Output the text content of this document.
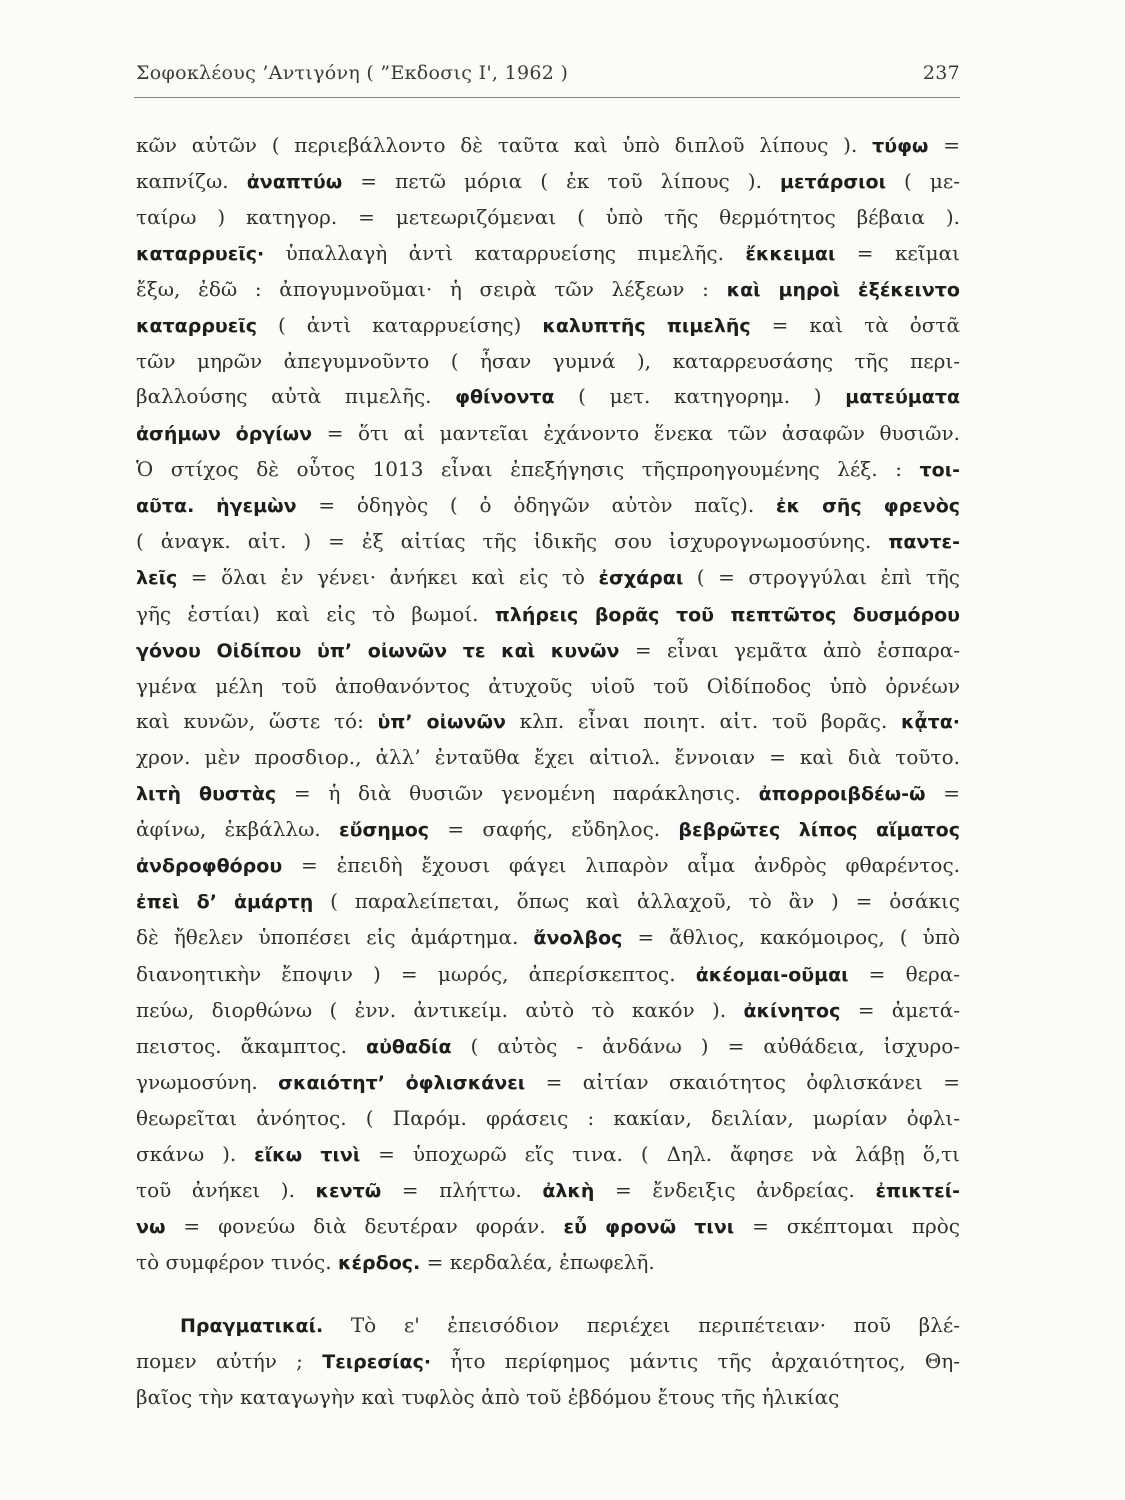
Σοφοκλέους ’Αντιγόνη ( ”Εκδοσις Ι', 1962 )	237
κῶν αὐτῶν ( περιεβάλλοντο δὲ ταῦτα καὶ ὑπὸ διπλοῦ λίπους ). τύφω =
καπνίζω. ἀναπτύω = πετῶ μόρια ( ἐκ τοῦ λίπους ). μετάρσιοι ( με-
ταίρω ) κατηγορ. = μετεωριζόμεναι ( ὑπὸ τῆς θερμότητος βέβαια ).
καταρρυεῖς· ὑπαλλαγὴ ἀντὶ καταρρυείσης πιμελῆς. ἔκκειμαι = κεῖμαι
ἔξω, ἐδῶ : ἀπογυμνοῦμαι· ἡ σειρὰ τῶν λέξεων : καὶ μηροὶ ἐξέκειντο
καταρρυεῖς ( ἀντὶ καταρρυείσης) καλυπτῆς πιμελῆς = καὶ τὰ ὀστᾶ
τῶν μηρῶν ἀπεγυμνοῦντο ( ἦσαν γυμνά ), καταρρευσάσης τῆς περι-
βαλλούσης αὐτὰ πιμελῆς. φθίνοντα ( μετ. κατηγορημ. ) ματεύματα
ἀσήμων ὀργίων = ὅτι αἱ μαντεῖαι ἐχάνοντο ἕνεκα τῶν ἀσαφῶν θυσιῶν.
Ὁ στίχος δὲ οὗτος 1013 εἶναι ἐπεξήγησις τῆςπροηγουμένης λέξ. : τοι-
αῦτα. ἡγεμὼν = ὁδηγὸς ( ὁ ὁδηγῶν αὐτὸν παῖς). ἐκ σῆς φρενὸς
( ἀναγκ. αἰτ. ) = ἐξ αἰτίας τῆς ἰδικῆς σου ἰσχυρογνωμοσύνης. παντε-
λεῖς = ὅλαι ἐν γένει· ἀνήκει καὶ εἰς τὸ ἐσχάραι ( = στρογγύλαι ἐπὶ τῆς
γῆς ἑστίαι) καὶ εἰς τὸ βωμοί. πλήρεις βορᾶς τοῦ πεπτῶτος δυσμόρου
γόνου Οἰδίπου ὑπ’ οἰωνῶν τε καὶ κυνῶν = εἶναι γεμᾶτα ἀπὸ ἐσπαρα-
γμένα μέλη τοῦ ἀποθανόντος ἀτυχοῦς υἱοῦ τοῦ Οἰδίποδος ὑπὸ ὀρνέων
καὶ κυνῶν, ὥστε τό: ὑπ’ οἰωνῶν κλπ. εἶναι ποιητ. αἰτ. τοῦ βορᾶς. κᾆτα·
χρον. μὲν προσδιορ., ἀλλ’ ἐνταῦθα ἔχει αἰτιολ. ἔννοιαν = καὶ διὰ τοῦτο.
λιτὴ θυστὰς = ἡ διὰ θυσιῶν γενομένη παράκλησις. ἀπορροιβδέω-ῶ =
ἀφίνω, ἐκβάλλω. εὔσημος = σαφής, εὔδηλος. βεβρῶτες λίπος αἵματος
ἀνδροφθόρου = ἐπειδὴ ἔχουσι φάγει λιπαρὸν αἷμα ἀνδρὸς φθαρέντος.
ἐπεὶ δ’ ἁμάρτῃ ( παραλείπεται, ὅπως καὶ ἀλλαχοῦ, τὸ ἂν ) = ὁσάκις
δὲ ἤθελεν ὑποπέσει εἰς ἁμάρτημα. ἄνολβος = ἄθλιος, κακόμοιρος, ( ὑπὸ
διανοητικὴν ἔποψιν ) = μωρός, ἀπερίσκεπτος. ἀκέομαι-οῦμαι = θερα-
πεύω, διορθώνω ( ἐνν. ἀντικείμ. αὐτὸ τὸ κακόν ). ἀκίνητος = ἀμετά-
πειστος. ἄκαμπτος. αὐθαδία ( αὐτὸς - ἁνδάνω ) = αὐθάδεια, ἰσχυρο-
γνωμοσύνη. σκαιότητ’ ὀφλισκάνει = αἰτίαν σκαιότητος ὀφλισκάνει =
θεωρεῖται ἀνόητος. ( Παρόμ. φράσεις : κακίαν, δειλίαν, μωρίαν ὀφλι-
σκάνω ). εἴκω τινὶ = ὑποχωρῶ εἴς τινα. ( Δηλ. ἄφησε νὰ λάβῃ ὅ,τι
τοῦ ἀνήκει ). κεντῶ = πλήττω. ἀλκὴ = ἔνδειξις ἀνδρείας. ἐπικτεί-
νω = φονεύω διὰ δευτέραν φοράν. εὖ φρονῶ τινι = σκέπτομαι πρὸς
τὸ συμφέρον τινός. κέρδος. = κερδαλέα, ἐπωφελῆ.
Πραγματικαί. Τὸ ε' ἐπεισόδιον περιέχει περιπέτειαν· ποῦ βλέ-
πομεν αὐτήν ; Τειρεσίας· ἦτο περίφημος μάντις τῆς ἀρχαιότητος, Θη-
βαῖος τὴν καταγωγὴν καὶ τυφλὸς ἀπὸ τοῦ ἑβδόμου ἔτους τῆς ἡλικίας
